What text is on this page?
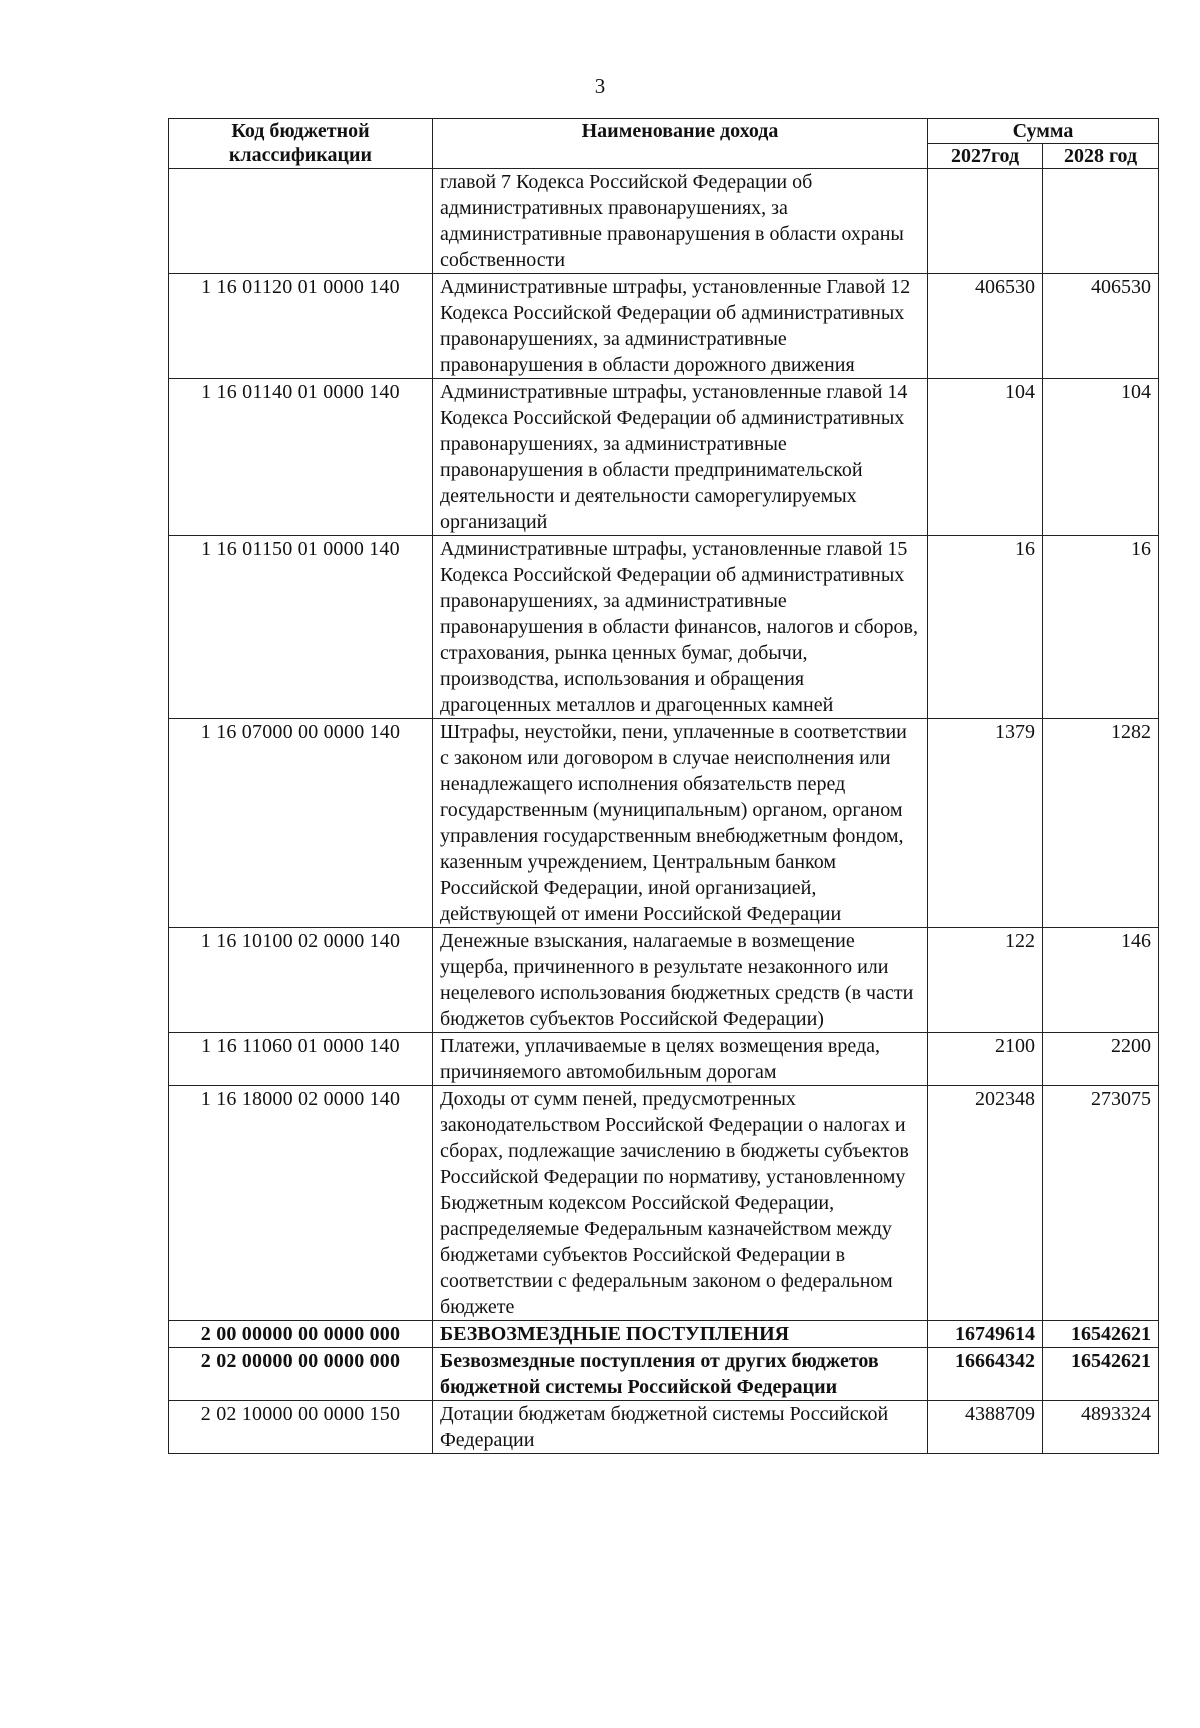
3
Код бюджетной классификации	Наименование дохода	Сумма	
		2027год	2028 год
	главой 7 Кодекса Российской Федерации об административных правонарушениях, за административные правонарушения в области охраны собственности		
1 16 01120 01 0000 140	Административные штрафы, установленные Главой 12 Кодекса Российской Федерации об административных правонарушениях, за административные правонарушения в области дорожного движения	406530	406530
1 16 01140 01 0000 140	Административные штрафы, установленные главой 14 Кодекса Российской Федерации об административных правонарушениях, за административные правонарушения в области предпринимательской деятельности и деятельности саморегулируемых организаций	104	104
1 16 01150 01 0000 140	Административные штрафы, установленные главой 15 Кодекса Российской Федерации об административных правонарушениях, за административные правонарушения в области финансов, налогов и сборов, страхования, рынка ценных бумаг, добычи, производства, использования и обращения драгоценных металлов и драгоценных камней	16	16
1 16 07000 00 0000 140	Штрафы, неустойки, пени, уплаченные в соответствии с законом или договором в случае неисполнения или ненадлежащего исполнения обязательств перед государственным (муниципальным) органом, органом управления государственным внебюджетным фондом, казенным учреждением, Центральным банком Российской Федерации, иной организацией, действующей от имени Российской Федерации	1379	1282
1 16 10100 02 0000 140	Денежные взыскания, налагаемые в возмещение ущерба, причиненного в результате незаконного или нецелевого использования бюджетных средств (в части бюджетов субъектов Российской Федерации)	122	146
1 16 11060 01 0000 140	Платежи, уплачиваемые в целях возмещения вреда, причиняемого автомобильным дорогам	2100	2200
1 16 18000 02 0000 140	Доходы от сумм пеней, предусмотренных законодательством Российской Федерации о налогах и сборах, подлежащие зачислению в бюджеты субъектов Российской Федерации по нормативу, установленному Бюджетным кодексом Российской Федерации, распределяемые Федеральным казначейством между бюджетами субъектов Российской Федерации в соответствии с федеральным законом о федеральном бюджете	202348	273075
2 00 00000 00 0000 000	БЕЗВОЗМЕЗДНЫЕ ПОСТУПЛЕНИЯ	16749614	16542621
2 02 00000 00 0000 000	Безвозмездные поступления от других бюджетов бюджетной системы Российской Федерации	16664342	16542621
2 02 10000 00 0000 150	Дотации бюджетам бюджетной системы Российской Федерации	4388709	4893324
